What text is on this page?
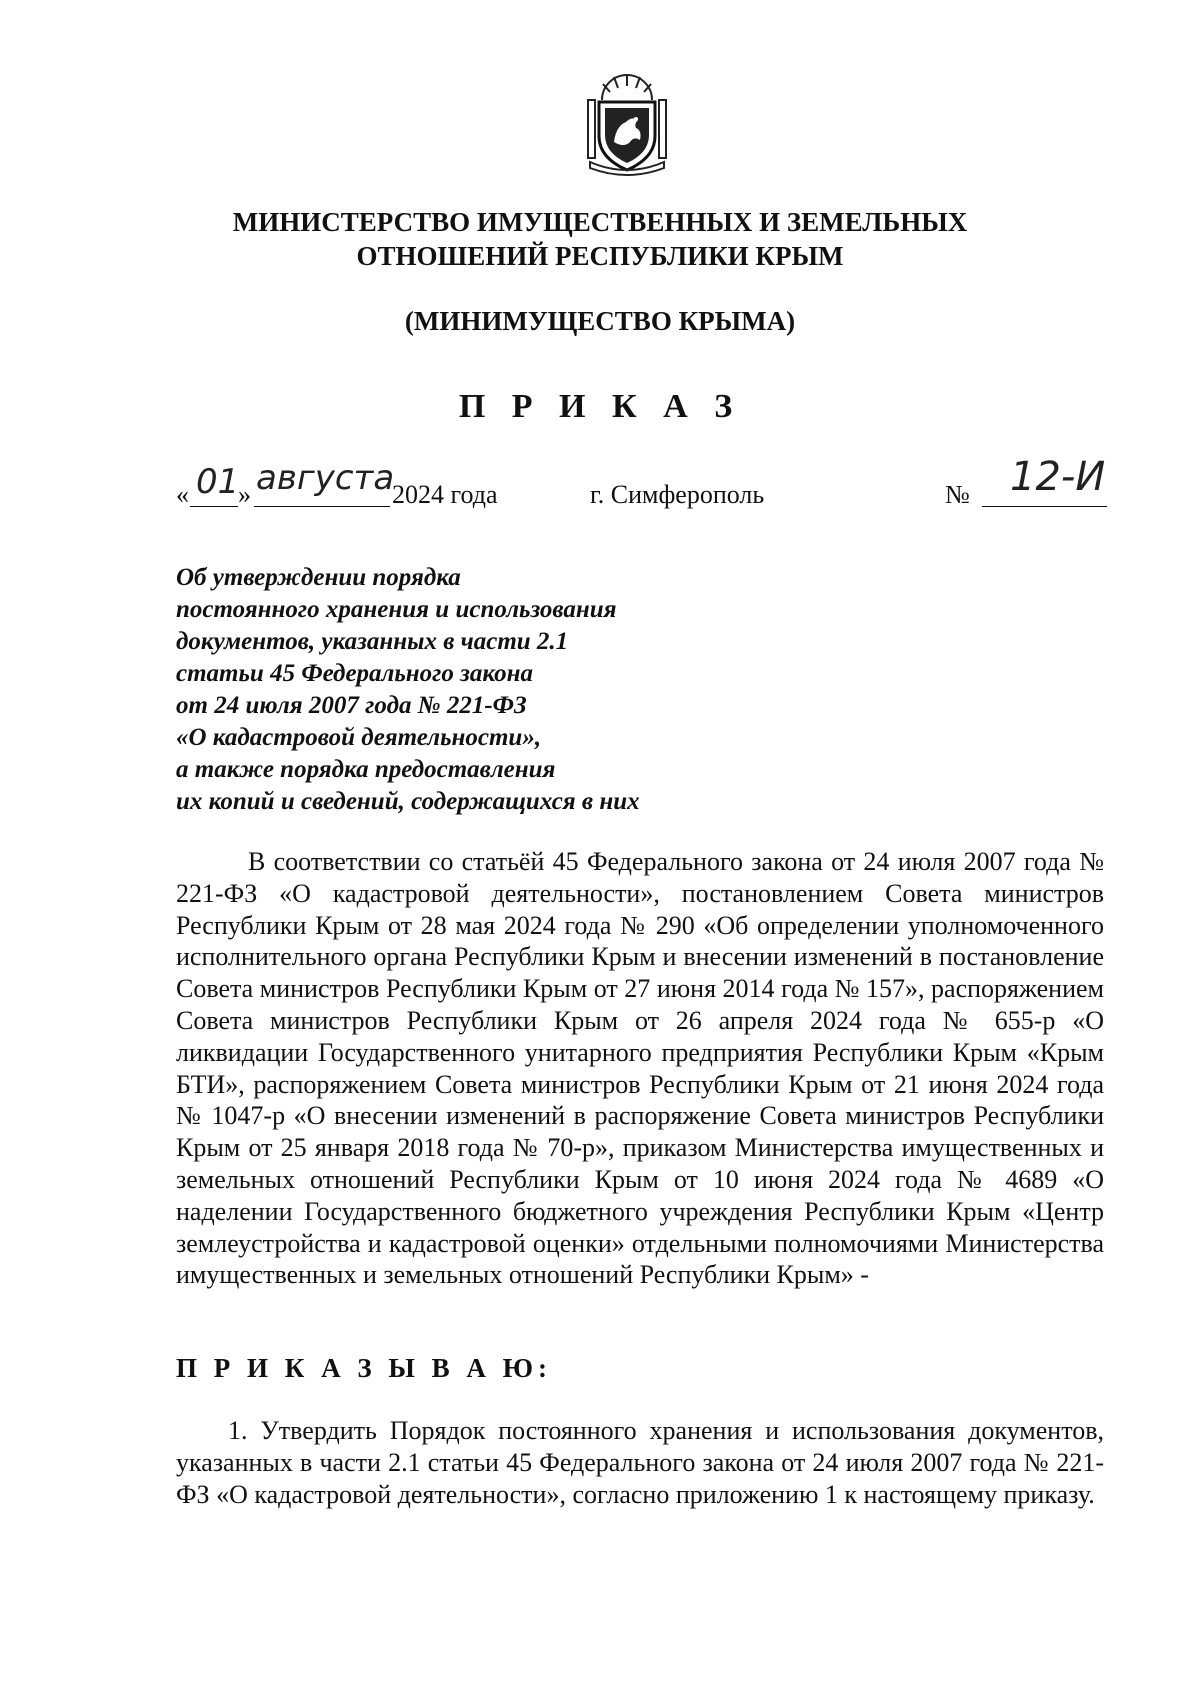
МИНИСТЕРСТВО ИМУЩЕСТВЕННЫХ И ЗЕМЕЛЬНЫХ
ОТНОШЕНИЙ РЕСПУБЛИКИ КРЫМ
(МИНИМУЩЕСТВО КРЫМА)
П Р И К А З
« 01
» августа
2024 года	г. Симферополь	№ 12-И
Об утверждении порядка
постоянного хранения и использования
документов, указанных в части 2.1
статьи 45 Федерального закона
от 24 июля 2007 года № 221-ФЗ
«О кадастровой деятельности»,
а также порядка предоставления
их копий и сведений, содержащихся в них
В соответствии со статьёй 45 Федерального закона от 24 июля 2007 года № 221-ФЗ «О кадастровой деятельности», постановлением Совета министров Республики Крым от 28 мая 2024 года № 290 «Об определении уполномоченного исполнительного органа Республики Крым и внесении изменений в постановление Совета министров Республики Крым от 27 июня 2014 года № 157», распоряжением Совета министров Республики Крым от 26 апреля 2024 года № 655-р «О ликвидации Государственного унитарного предприятия Республики Крым «Крым БТИ», распоряжением Совета министров Республики Крым от 21 июня 2024 года № 1047-р «О внесении изменений в распоряжение Совета министров Республики Крым от 25 января 2018 года № 70-р», приказом Министерства имущественных и земельных отношений Республики Крым от 10 июня 2024 года № 4689 «О наделении Государственного бюджетного учреждения Республики Крым «Центр землеустройства и кадастровой оценки» отдельными полномочиями Министерства имущественных и земельных отношений Республики Крым» -
П Р И К А З Ы В А Ю:
1. Утвердить Порядок постоянного хранения и использования документов, указанных в части 2.1 статьи 45 Федерального закона от 24 июля 2007 года № 221-ФЗ «О кадастровой деятельности», согласно приложению 1 к настоящему приказу.
